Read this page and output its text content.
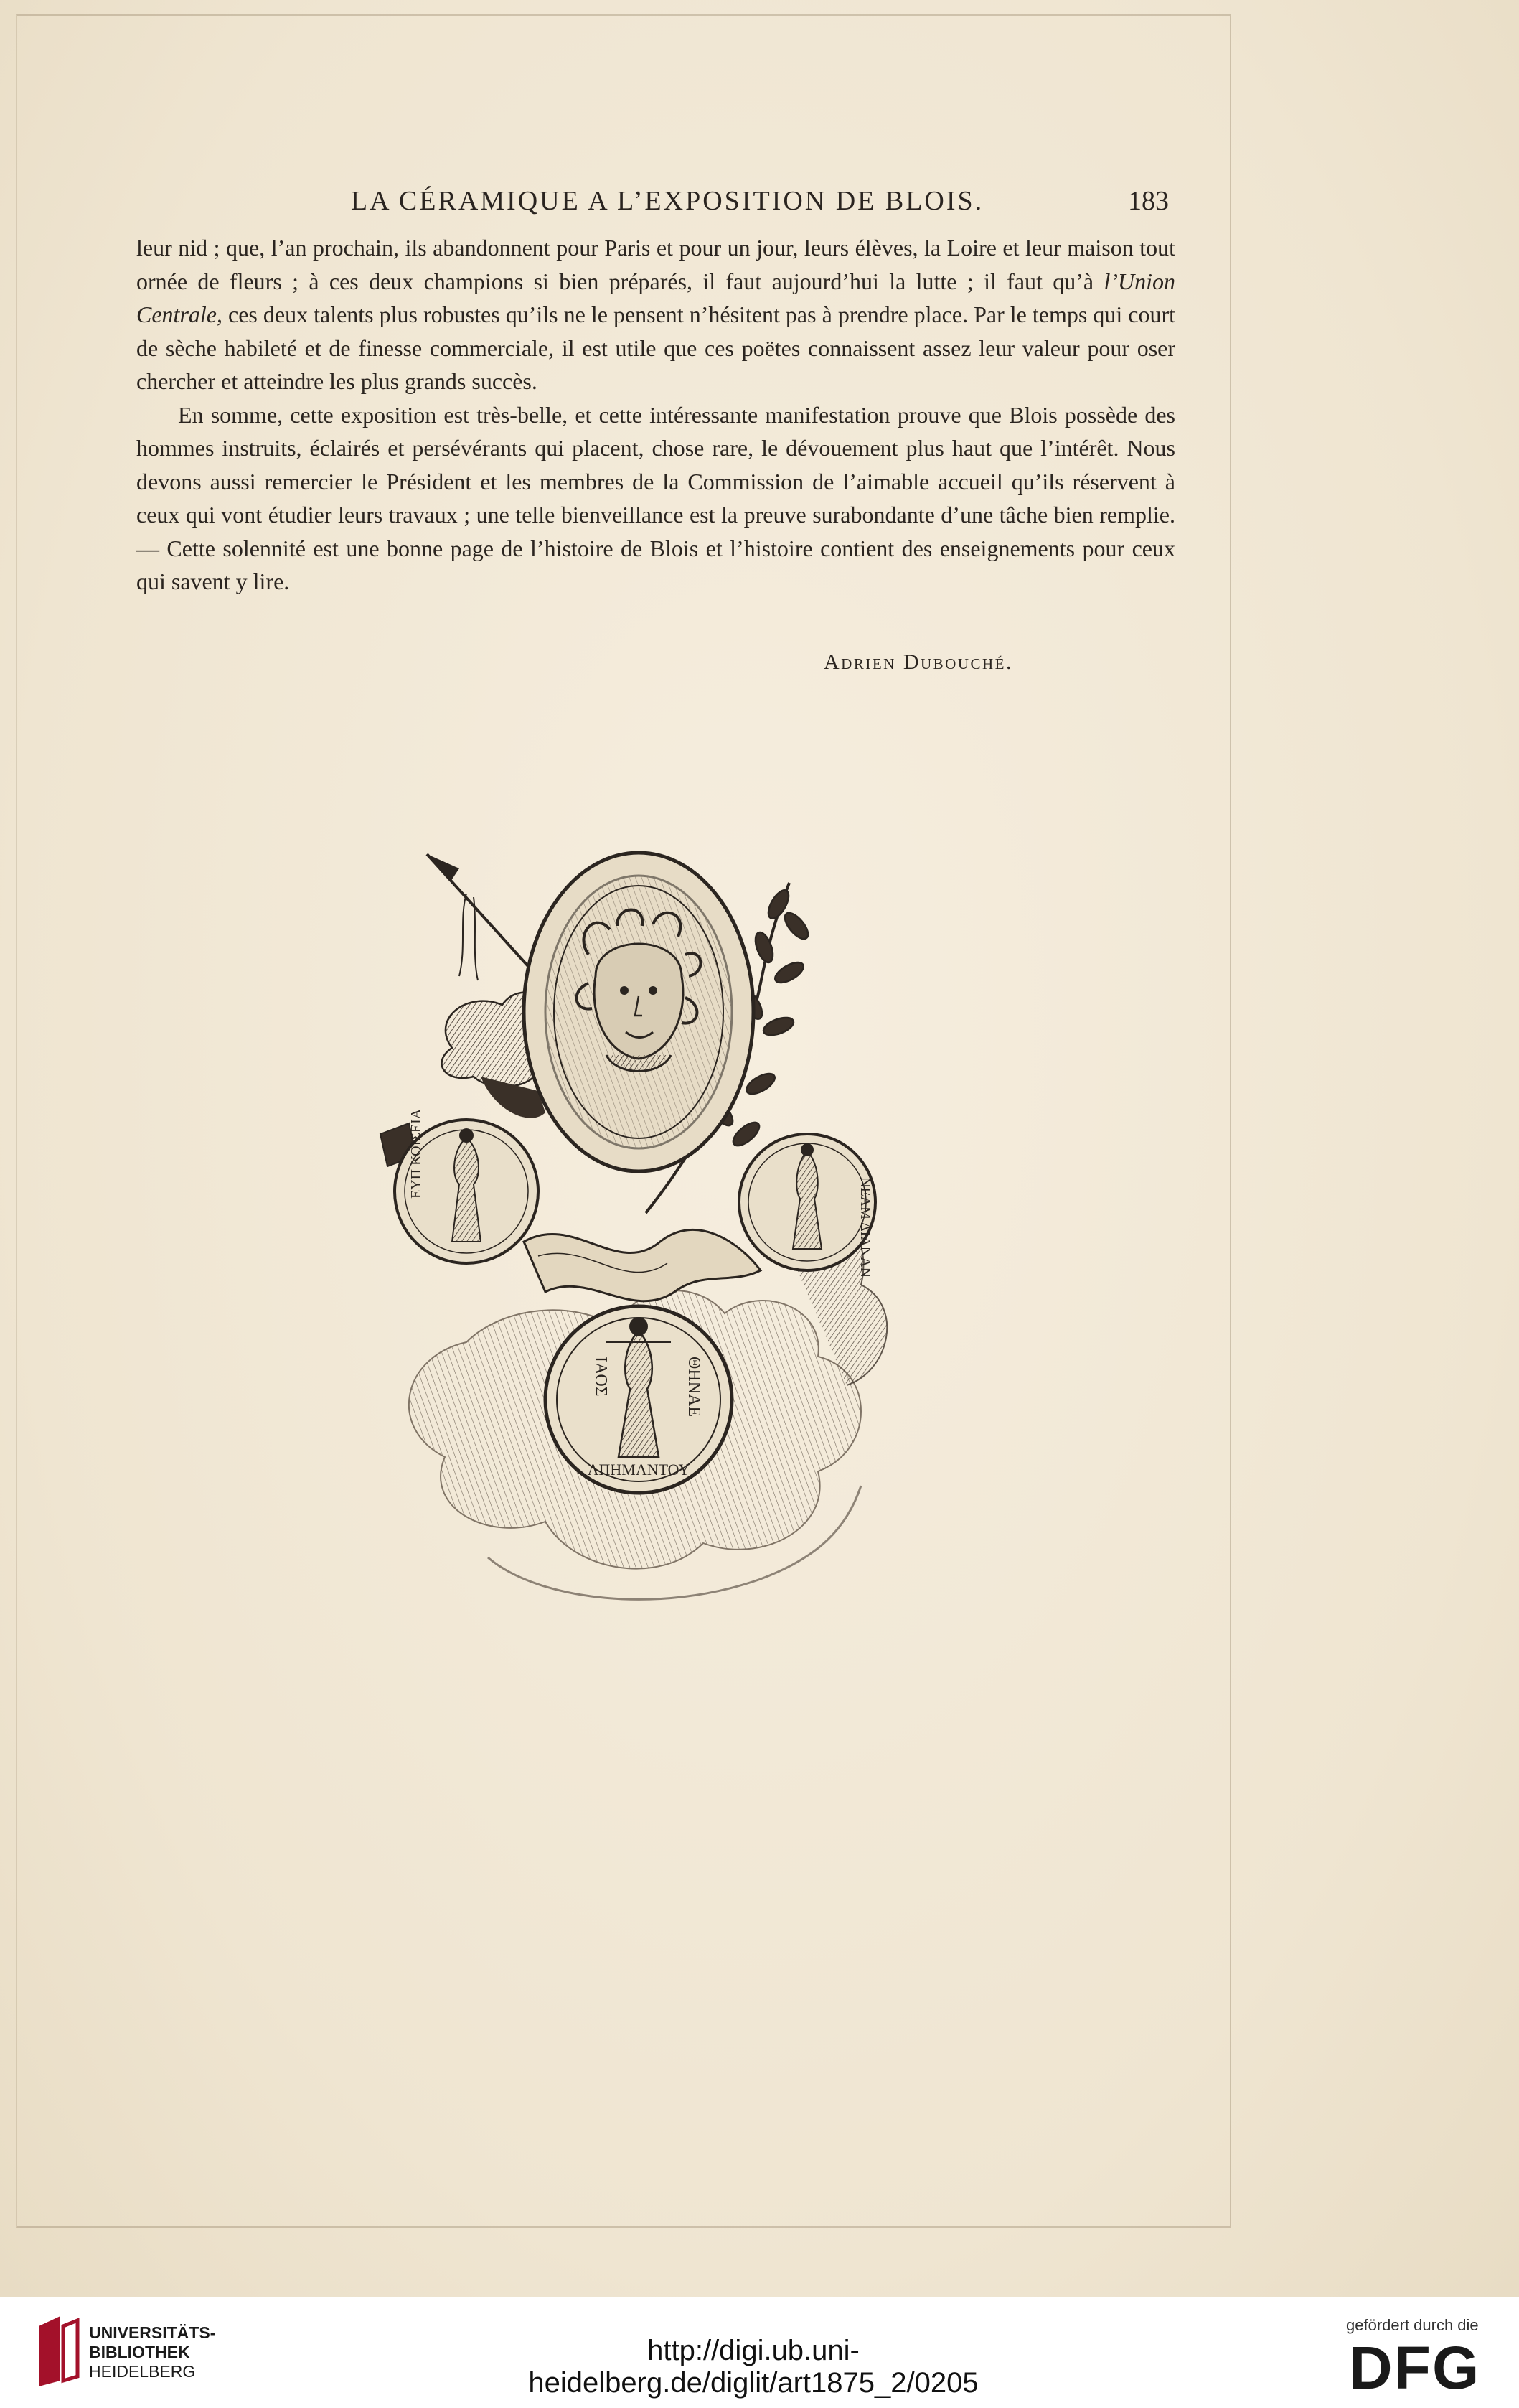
LA CÉRAMIQUE A L’EXPOSITION DE BLOIS.	183

leur nid ; que, l’an prochain, ils abandonnent pour Paris et pour un jour, leurs élèves, la Loire et leur maison tout ornée de fleurs ; à ces deux champions si bien préparés, il faut aujourd’hui la lutte ; il faut qu’à l’Union Centrale, ces deux talents plus robustes qu’ils ne le pensent n’hésitent pas à prendre place. Par le temps qui court de sèche habileté et de finesse commerciale, il est utile que ces poëtes connaissent assez leur valeur pour oser chercher et atteindre les plus grands succès.

En somme, cette exposition est très-belle, et cette intéressante manifestation prouve que Blois possède des hommes instruits, éclairés et persévérants qui placent, chose rare, le dévouement plus haut que l’intérêt. Nous devons aussi remercier le Président et les membres de la Commission de l’aimable accueil qu’ils réservent à ceux qui vont étudier leurs travaux ; une telle bienveillance est la preuve surabondante d’une tâche bien remplie. — Cette solennité est une bonne page de l’histoire de Blois et l’histoire contient des enseignements pour ceux qui savent y lire.

Adrien Dubouché.
ΕΥΠ ΚΟΙΣΕΙΑ
ΝΕΑΜ ΔΙΑΝΑΝ
ΘΗΝΑΕ
ΙΑΟΣ
ΑΠΗΜΑΝΤΟΥ
UNIVERSITÄTS-
BIBLIOTHEK
HEIDELBERG
http://digi.ub.uni-heidelberg.de/diglit/art1875_2/0205
gefördert durch die
DFG
